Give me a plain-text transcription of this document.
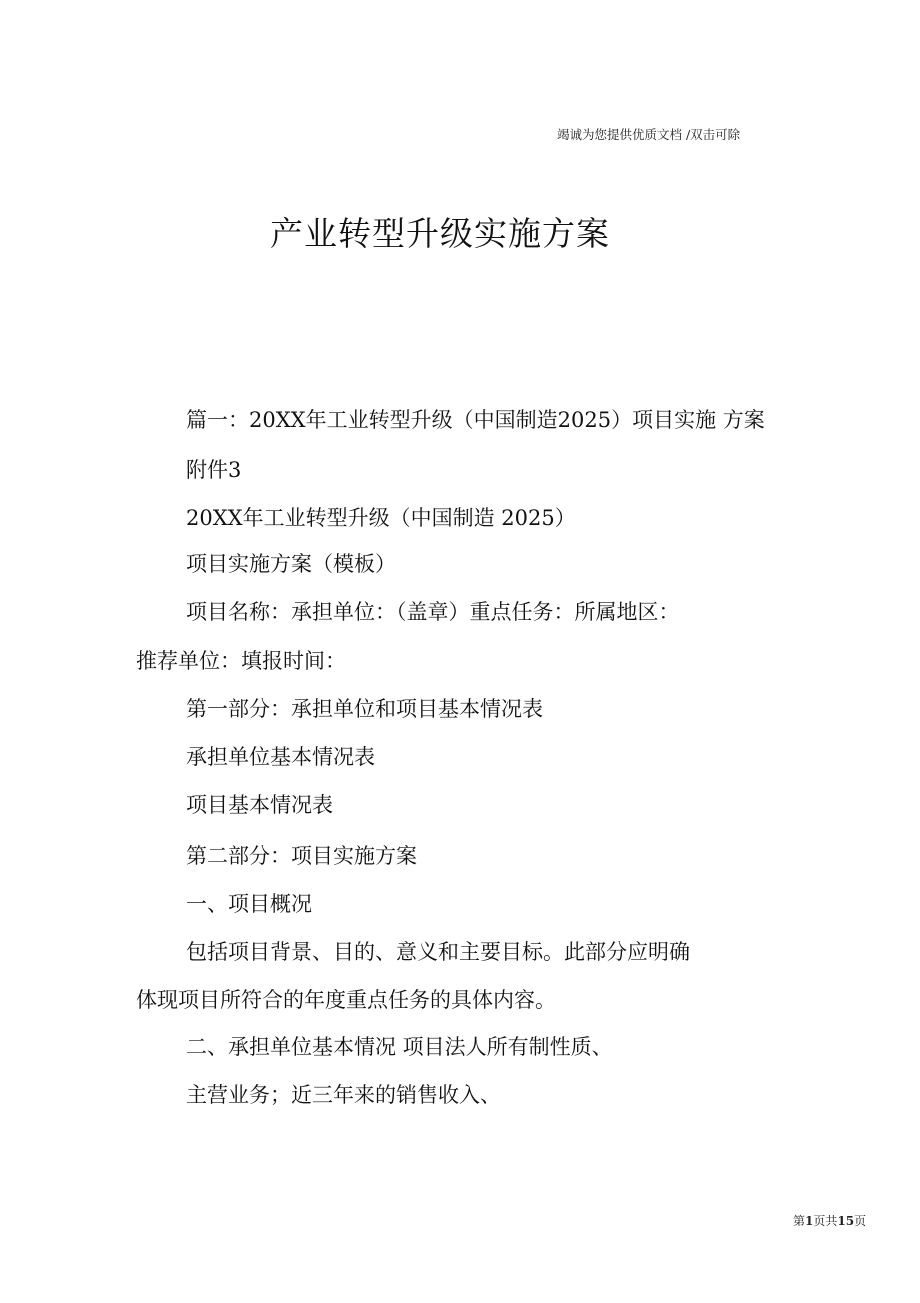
竭诚为您提供优质文档 /双击可除
产业转型升级实施方案
篇一：20XX年工业转型升级（中国制造2025）项目实施 方案
附件3
20XX年工业转型升级（中国制造 2025）
项目实施方案（模板）
项目名称：承担单位：（盖章）重点任务：所属地区：
推荐单位：填报时间：
第一部分：承担单位和项目基本情况表
承担单位基本情况表
项目基本情况表
第二部分：项目实施方案
一、项目概况
包括项目背景、目的、意义和主要目标。此部分应明确
体现项目所符合的年度重点任务的具体内容。
二、承担单位基本情况 项目法人所有制性质、
主营业务；近三年来的销售收入、
第1页共15页
